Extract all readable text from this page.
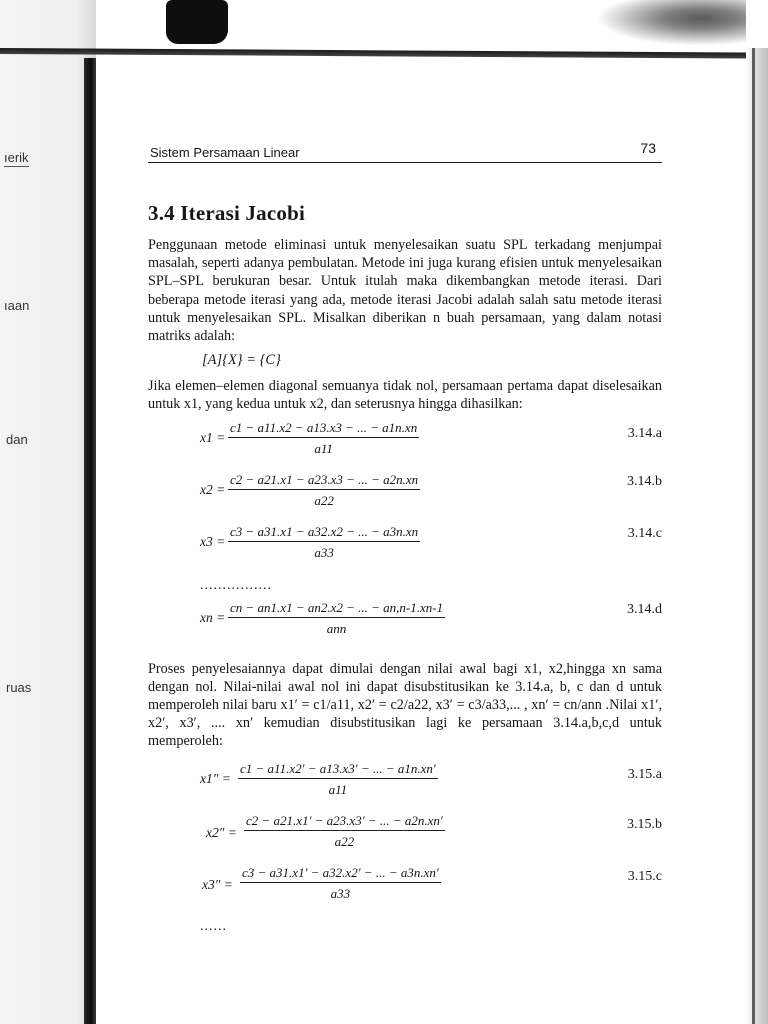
ıerik
ıaan
dan
ruas
Sistem Persamaan Linear	73
3.4 Iterasi Jacobi

Penggunaan metode eliminasi untuk menyelesaikan suatu SPL terkadang menjumpai masalah, seperti adanya pembulatan. Metode ini juga kurang efisien untuk menyelesaikan SPL–SPL berukuran besar. Untuk itulah maka dikembangkan metode iterasi. Dari beberapa metode iterasi yang ada, metode iterasi Jacobi adalah salah satu metode iterasi untuk menyelesaikan SPL. Misalkan diberikan n buah persamaan, yang dalam notasi matriks adalah:

[A]{X} = {C}

Jika elemen–elemen diagonal semuanya tidak nol, persamaan pertama dapat diselesaikan untuk x1, yang kedua untuk x2, dan seterusnya hingga dihasilkan:

$x1 = \frac{c1 - a11.x2 - a13.x3 - ... - a1n.xn}{a11}$	3.14.a
$x2 = \frac{c2 - a21.x1 - a23.x3 - ... - a2n.xn}{a22}$	3.14.b
$x3 = \frac{c3 - a31.x1 - a32.x2 - ... - a3n.xn}{a33}$	3.14.c
................
xn =
cn − an1.x1 − an2.x2 − ... − an,n-1.xn-1
ann
3.14.d

Proses penyelesaiannya dapat dimulai dengan nilai awal bagi x1, x2,hingga xn sama dengan nol. Nilai-nilai awal nol ini dapat disubstitusikan ke 3.14.a, b, c dan d untuk memperoleh nilai baru x1′ = c1/a11, x2′ = c2/a22, x3′ = c3/a33,... , xn′ = cn/ann .Nilai x1′, x2′, x3′, .... xn′ kemudian disubstitusikan lagi ke persamaan 3.14.a,b,c,d untuk memperoleh:

$x1'' = \frac{c1 - a11.x2' - a13.x3' - ... - a1n.xn'}{a11}$	3.15.a
$x2'' = \frac{c2 - a21.x1' - a23.x3' - ... - a2n.xn'}{a22}$	3.15.b
$x3'' = \frac{c3 - a31.x1' - a32.x2' - ... - a3n.xn'}{a33}$	3.15.c
......
